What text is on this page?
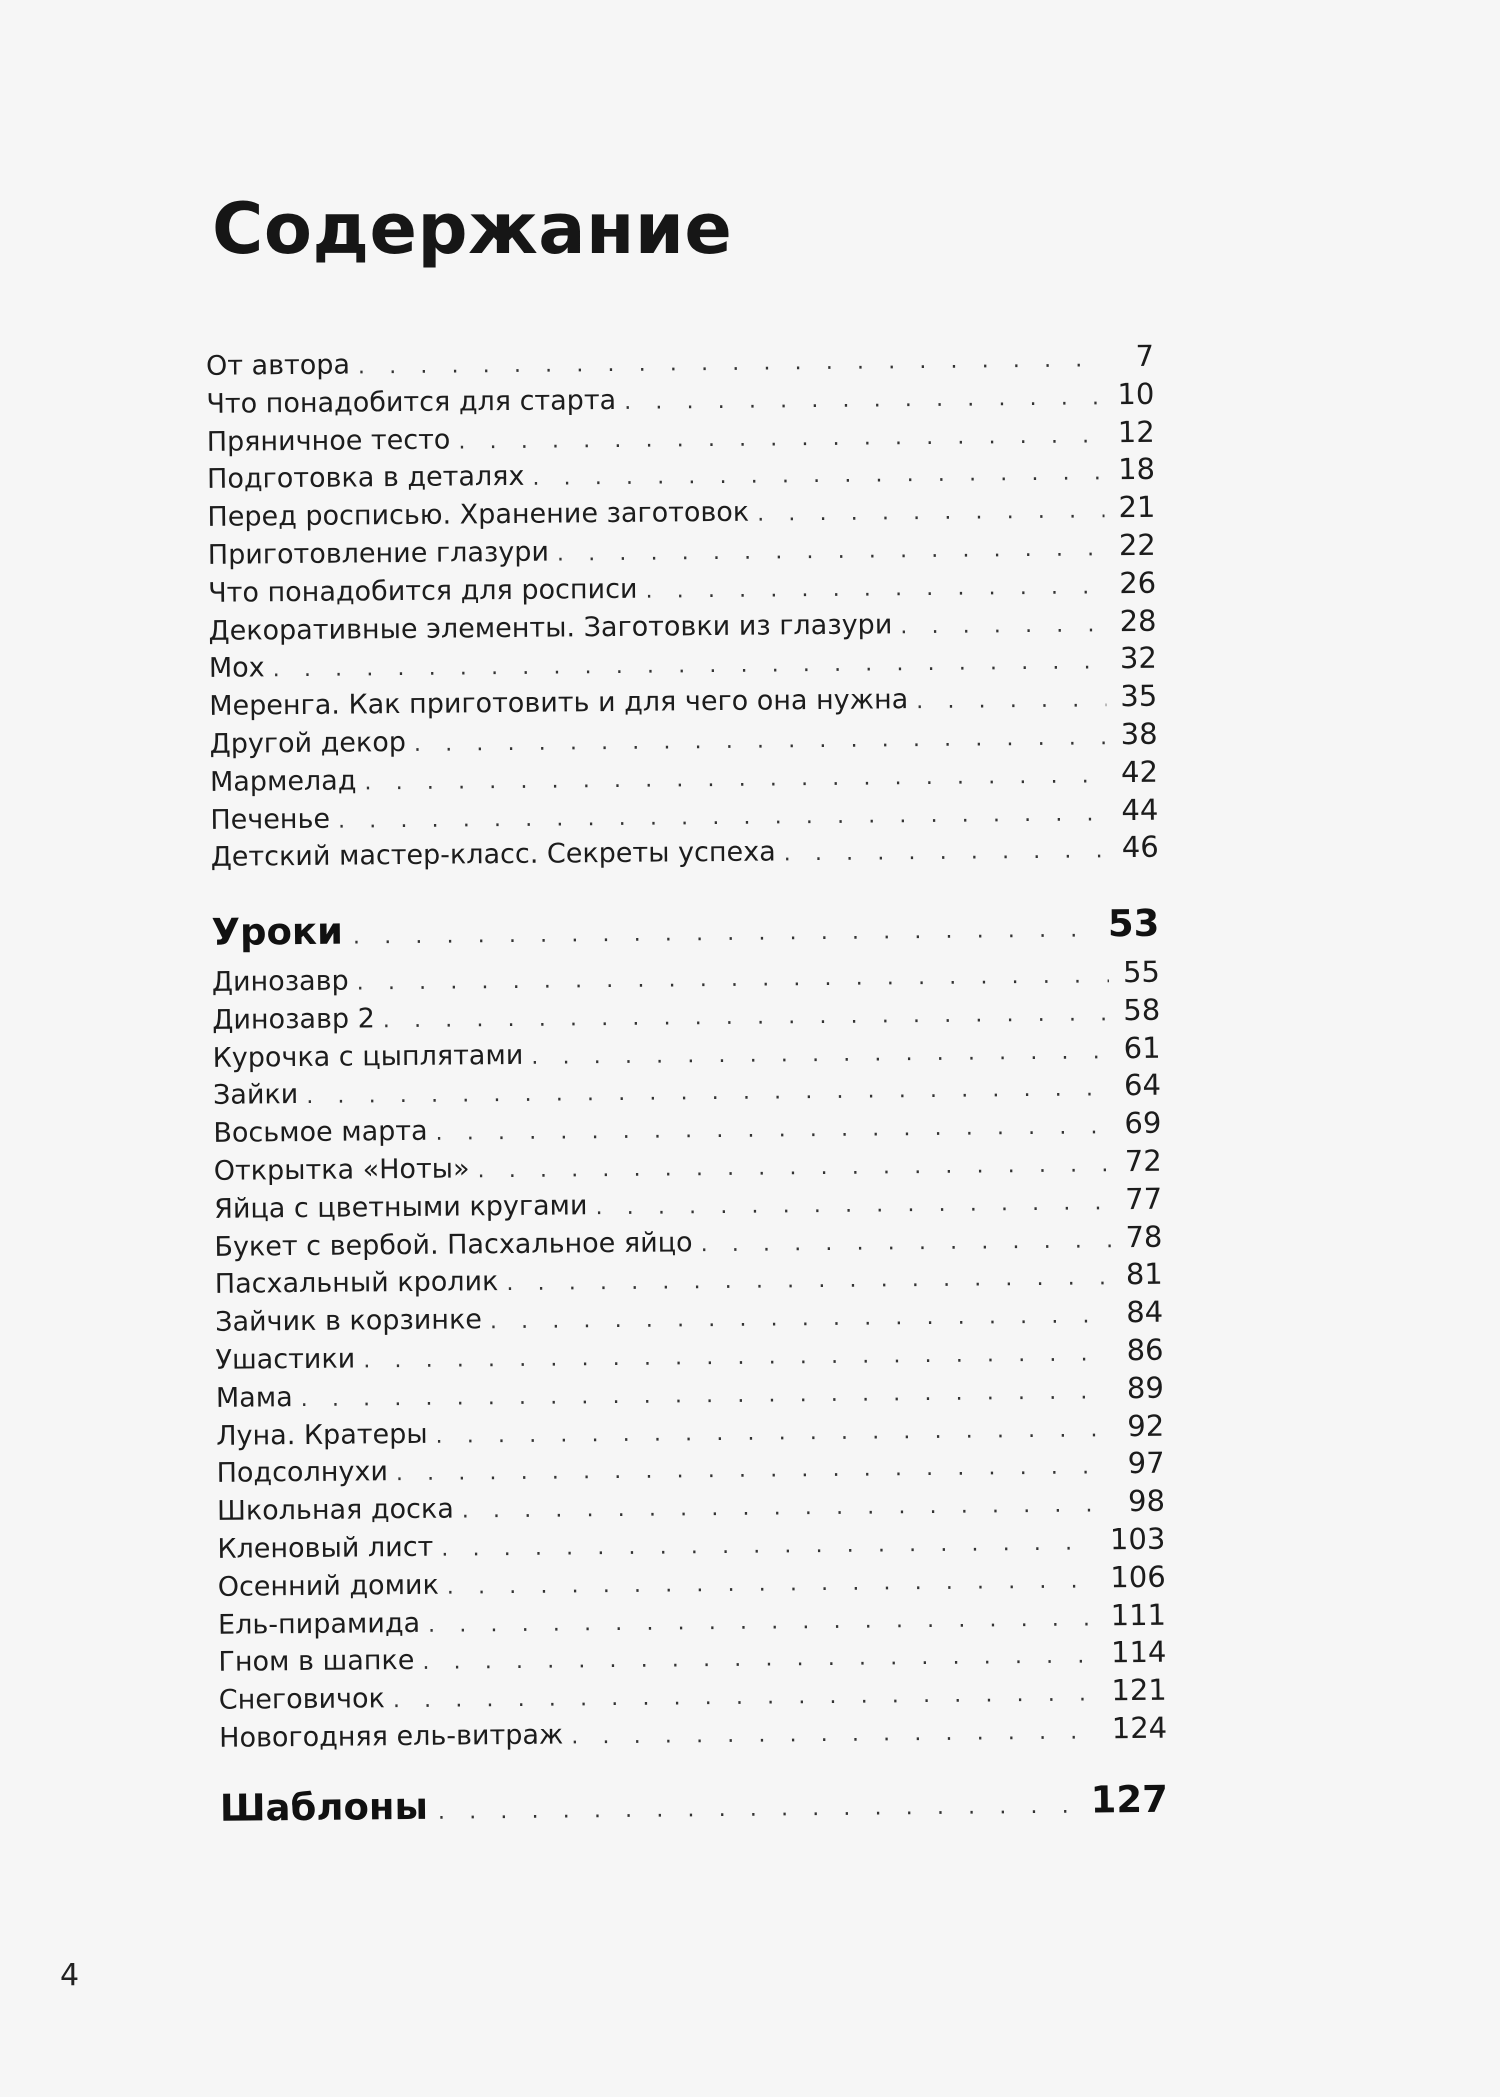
Содержание
От автора . . .	7
Что понадобится для старта . . .	10
Пряничное тесто . . .	12
Подготовка в деталях . . .	18
Перед росписью. Хранение заготовок . . .	21
Приготовление глазури . . .	22
Что понадобится для росписи . . .	26
Декоративные элементы. Заготовки из глазури . . .	28
Мох . . .	32
Меренга. Как приготовить и для чего она нужна . . .	35
Другой декор . . .	38
Мармелад . . .	42
Печенье . . .	44
Детский мастер-класс. Секреты успеха . . .	46
Уроки . . .	53
Динозавр . . .	55
Динозавр 2 . . .	58
Курочка с цыплятами . . .	61
Зайки . . .	64
Восьмое марта . . .	69
Открытка «Ноты» . . .	72
Яйца с цветными кругами . . .	77
Букет с вербой. Пасхальное яйцо . . .	78
Пасхальный кролик . . .	81
Зайчик в корзинке . . .	84
Ушастики . . .	86
Мама . . .	89
Луна. Кратеры . . .	92
Подсолнухи . . .	97
Школьная доска . . .	98
Кленовый лист . . .	103
Осенний домик . . .	106
Ель-пирамида . . .	111
Гном в шапке . . .	114
Снеговичок . . .	121
Новогодняя ель-витраж . . .	124
Шаблоны . . .	127
4
